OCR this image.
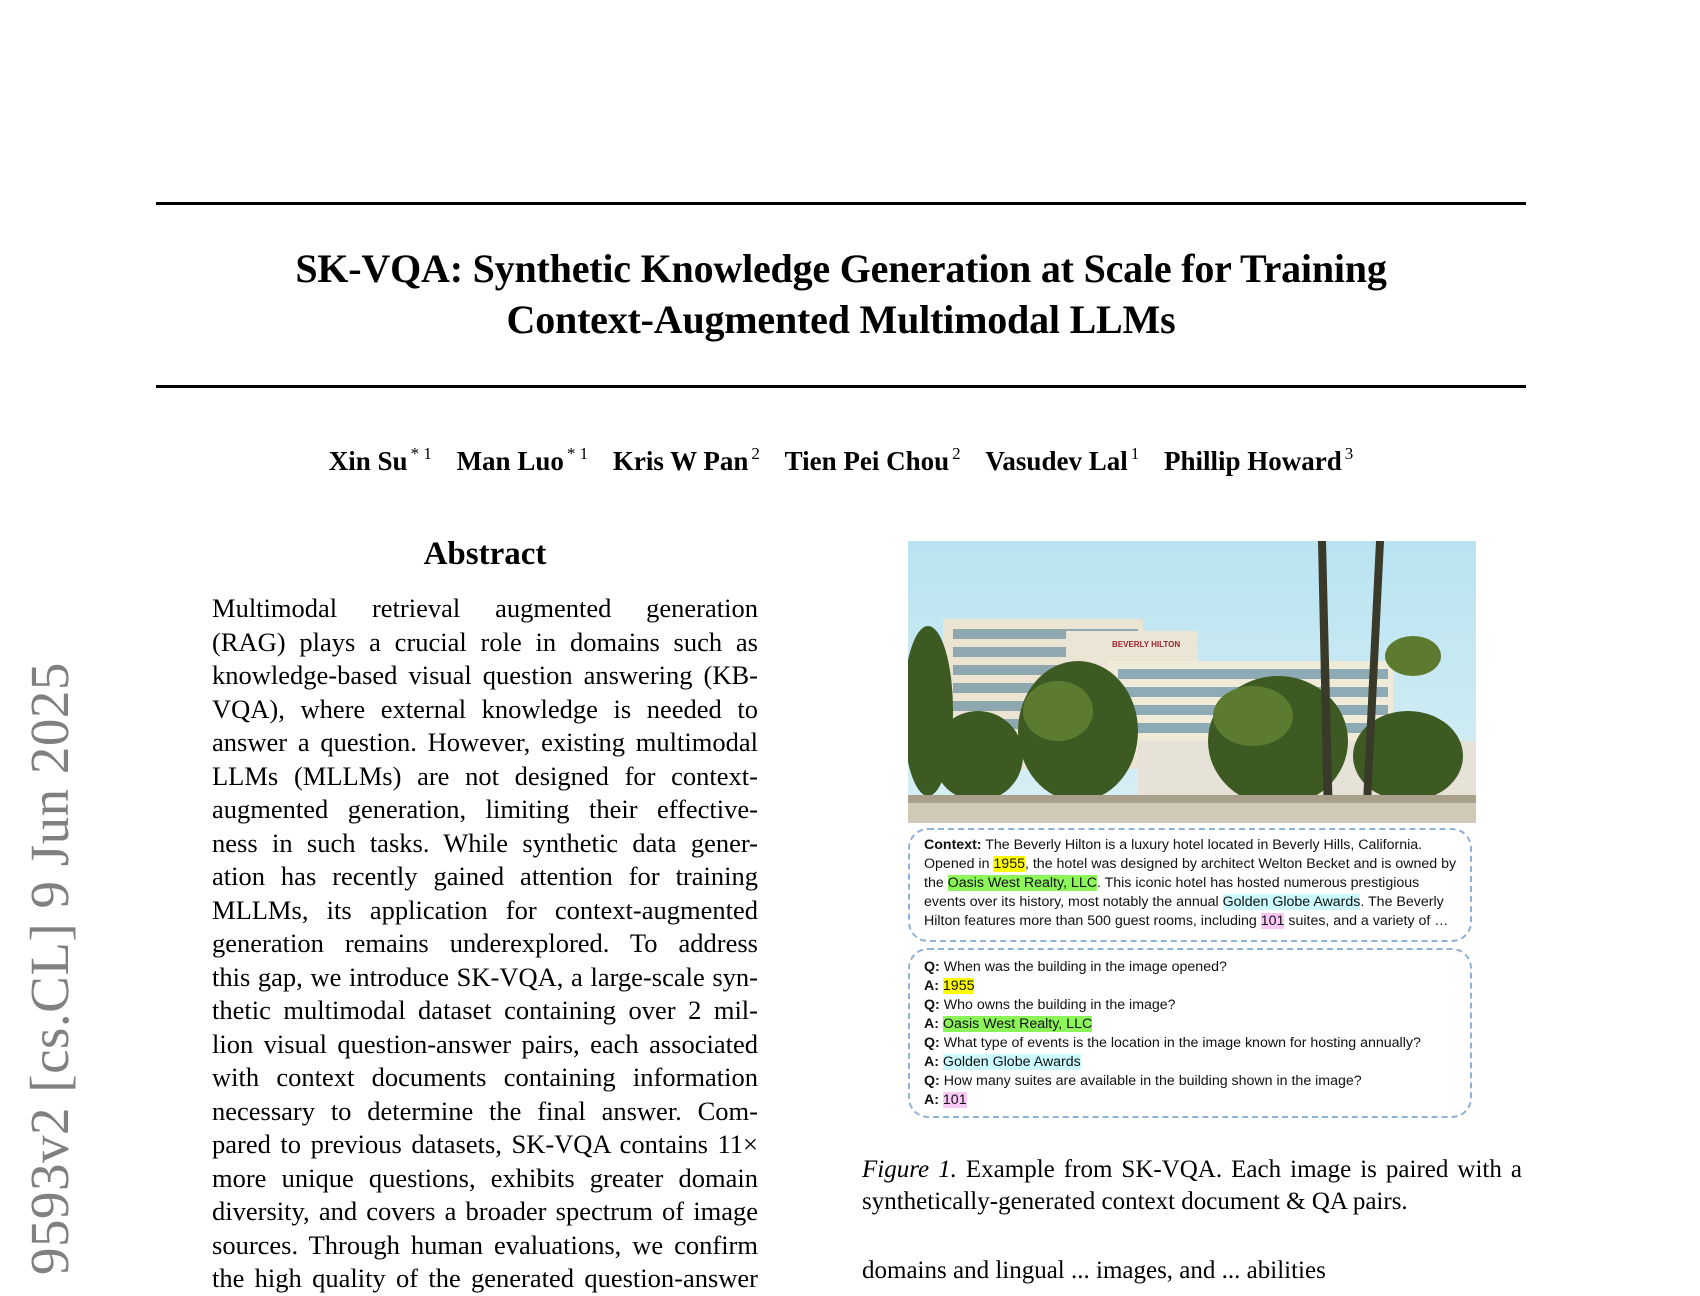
9593v2 [cs.CL] 9 Jun 2025
SK-VQA: Synthetic Knowledge Generation at Scale for Training
Context-Augmented Multimodal LLMs
Xin Su $^{* 1}$ Man Luo $^{* 1}$ Kris W Pan $^2$ Tien Pei Chou $^2$ Vasudev Lal $^1$ Phillip Howard $^3$
Abstract
Multimodal retrieval augmented generation
(RAG) plays a crucial role in domains such as
knowledge-based visual question answering (KB-
VQA), where external knowledge is needed to
answer a question. However, existing multimodal
LLMs (MLLMs) are not designed for context-
augmented generation, limiting their effective-
ness in such tasks. While synthetic data gener-
ation has recently gained attention for training
MLLMs, its application for context-augmented
generation remains underexplored. To address
this gap, we introduce SK-VQA, a large-scale syn-
thetic multimodal dataset containing over 2 mil-
lion visual question-answer pairs, each associated
with context documents containing information
necessary to determine the final answer. Com-
pared to previous datasets, SK-VQA contains 11×
more unique questions, exhibits greater domain
diversity, and covers a broader spectrum of image
sources. Through human evaluations, we confirm
the high quality of the generated question-answer
BEVERLY HILTON
Context: The Beverly Hilton is a luxury hotel located in Beverly Hills, California. Opened in 1955, the hotel was designed by architect Welton Becket and is owned by the Oasis West Realty, LLC. This iconic hotel has hosted numerous prestigious events over its history, most notably the annual Golden Globe Awards. The Beverly Hilton features more than 500 guest rooms, including 101 suites, and a variety of …
Q: When was the building in the image opened?
A: 1955
Q: Who owns the building in the image?
A: Oasis West Realty, LLC
Q: What type of events is the location in the image known for hosting annually?
A: Golden Globe Awards
Q: How many suites are available in the building shown in the image?
A: 101
Figure 1. Example from SK-VQA. Each image is paired with a synthetically-generated context document & QA pairs.
domains and lingual ... images, and ... abilities
